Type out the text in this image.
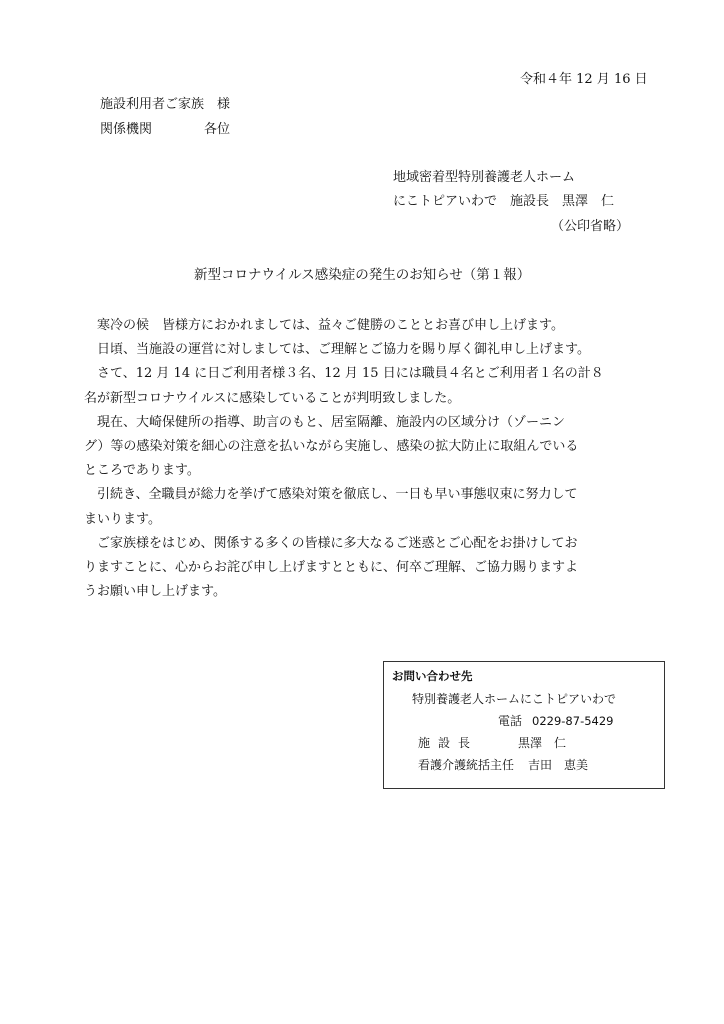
令和４年 12 月 16 日
施設利用者ご家族　 様
関係機関	各位
地域密着型特別養護老人ホーム
にこトピアいわで　施設長　黒澤　仁
（公印省略）
新型コロナウイルス感染症の発生のお知らせ（第１報）
寒冷の候　皆様方におかれましては、益々ご健勝のこととお喜び申し上げます。
日頃、当施設の運営に対しましては、ご理解とご協力を賜り厚く御礼申し上げます。
さて、12 月 14 に日ご利用者様３名、12 月 15 日には職員４名とご利用者１名の計８
名が新型コロナウイルスに感染していることが判明致しました。
現在、大崎保健所の指導、助言のもと、居室隔離、施設内の区域分け（ゾーニン
グ）等の感染対策を細心の注意を払いながら実施し、感染の拡大防止に取組んでいる
ところであります。
引続き、全職員が総力を挙げて感染対策を徹底し、一日も早い事態収束に努力して
まいります。
ご家族様をはじめ、関係する多くの皆様に多大なるご迷惑とご心配をお掛けしてお
りますことに、心からお詫び申し上げますとともに、何卒ご理解、ご協力賜りますよ
うお願い申し上げます。
お問い合わせ先
特別養護老人ホームにこトピアいわで
電話 0229-87-5429
施設長	黒澤　仁
看護介護統括主任 吉田　恵美
